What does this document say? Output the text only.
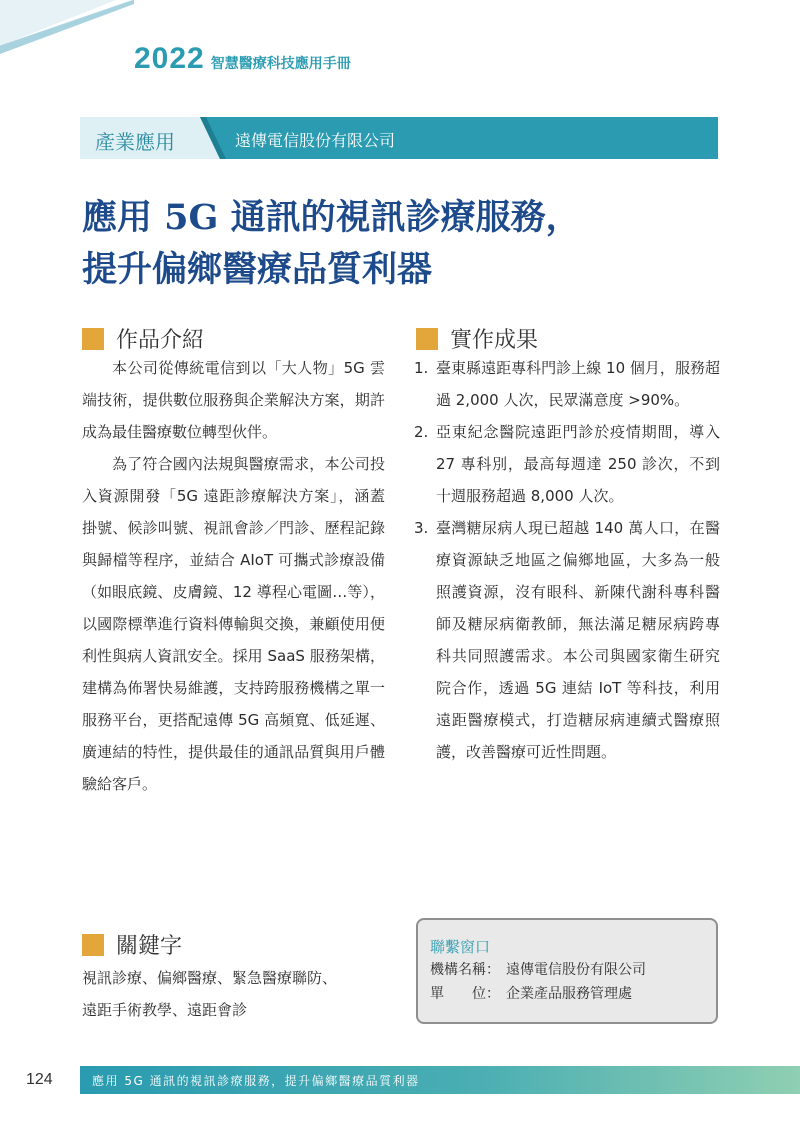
2022 智慧醫療科技應用手冊
產業應用	遠傳電信股份有限公司
應用 5G 通訊的視訊診療服務，
提升偏鄉醫療品質利器
作品介紹

本公司從傳統電信到以「大人物」5G 雲端技術，提供數位服務與企業解決方案，期許成為最佳醫療數位轉型伙伴。

為了符合國內法規與醫療需求，本公司投入資源開發「5G 遠距診療解決方案」，涵蓋掛號、候診叫號、視訊會診／門診、歷程記錄與歸檔等程序，並結合 AIoT 可攜式診療設備（如眼底鏡、皮膚鏡、12 導程心電圖…等），以國際標準進行資料傳輸與交換，兼顧使用便利性與病人資訊安全。採用 SaaS 服務架構，建構為佈署快易維護，支持跨服務機構之單一服務平台，更搭配遠傳 5G 高頻寬、低延遲、廣連結的特性，提供最佳的通訊品質與用戶體驗給客戶。

實作成果
1. 臺東縣遠距專科門診上線 10 個月，服務超過 2,000 人次，民眾滿意度 >90%。
2. 亞東紀念醫院遠距門診於疫情期間，導入 27 專科別，最高每週達 250 診次，不到十週服務超過 8,000 人次。
3. 臺灣糖尿病人現已超越 140 萬人口，在醫療資源缺乏地區之偏鄉地區，大多為一般照護資源，沒有眼科、新陳代謝科專科醫師及糖尿病衛教師，無法滿足糖尿病跨專科共同照護需求。本公司與國家衛生研究院合作，透過 5G 連結 IoT 等科技，利用遠距醫療模式，打造糖尿病連續式醫療照護，改善醫療可近性問題。
關鍵字
視訊診療、偏鄉醫療、緊急醫療聯防、
遠距手術教學、遠距會診
聯繫窗口
機構名稱： 遠傳電信股份有限公司
單　　位： 企業產品服務管理處
124	應用 5G 通訊的視訊診療服務，提升偏鄉醫療品質利器
